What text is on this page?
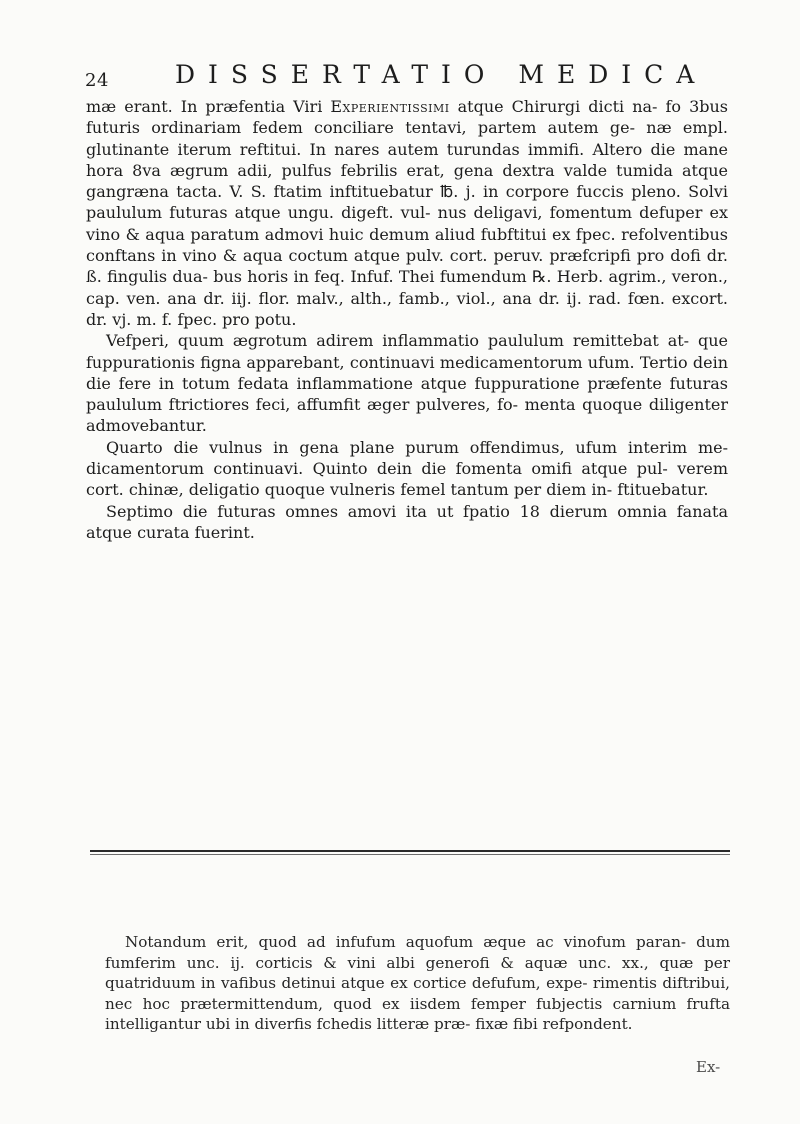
24	DISSERTATIO MEDICA

mæ erant. In præfentia Viri Experientissimi atque Chirurgi dicti na- fo 3bus futuris ordinariam fedem conciliare tentavi, partem autem ge- næ empl. glutinante iterum reftitui. In nares autem turundas immifi. Altero die mane hora 8va ægrum adii, pulfus febrilis erat, gena dextra valde tumida atque gangræna tacta. V. S. ftatim inftituebatur ℔. j. in corpore fuccis pleno. Solvi paululum futuras atque ungu. digeft. vul- nus deligavi, fomentum defuper ex vino & aqua paratum admovi huic demum aliud fubftitui ex fpec. refolventibus conftans in vino & aqua coctum atque pulv. cort. peruv. præfcripfi pro dofi dr. ß. fingulis dua- bus horis in feq. Infuf. Thei fumendum ℞. Herb. agrim., veron., cap. ven. ana dr. iij. flor. malv., alth., famb., viol., ana dr. ij. rad. fœn. excort. dr. vj. m. f. fpec. pro potu.

Vefperi, quum ægrotum adirem inflammatio paululum remittebat at- que fuppurationis figna apparebant, continuavi medicamentorum ufum. Tertio dein die fere in totum fedata inflammatione atque fuppuratione præfente futuras paululum ftrictiores feci, affumfit æger pulveres, fo- menta quoque diligenter admovebantur.

Quarto die vulnus in gena plane purum offendimus, ufum interim me- dicamentorum continuavi. Quinto dein die fomenta omifi atque pul- verem cort. chinæ, deligatio quoque vulneris femel tantum per diem in- ftituebatur.

Septimo die futuras omnes amovi ita ut fpatio 18 dierum omnia fanata atque curata fuerint.

Notandum erit, quod ad infufum aquofum æque ac vinofum paran- dum fumferim unc. ij. corticis & vini albi generofi & aquæ unc. xx., quæ per quatriduum in vafibus detinui atque ex cortice defufum, expe- rimentis diftribui, nec hoc prætermittendum, quod ex iisdem femper fubjectis carnium frufta intelligantur ubi in diverfis fchedis litteræ præ- fixæ fibi refpondent.

Ex-
